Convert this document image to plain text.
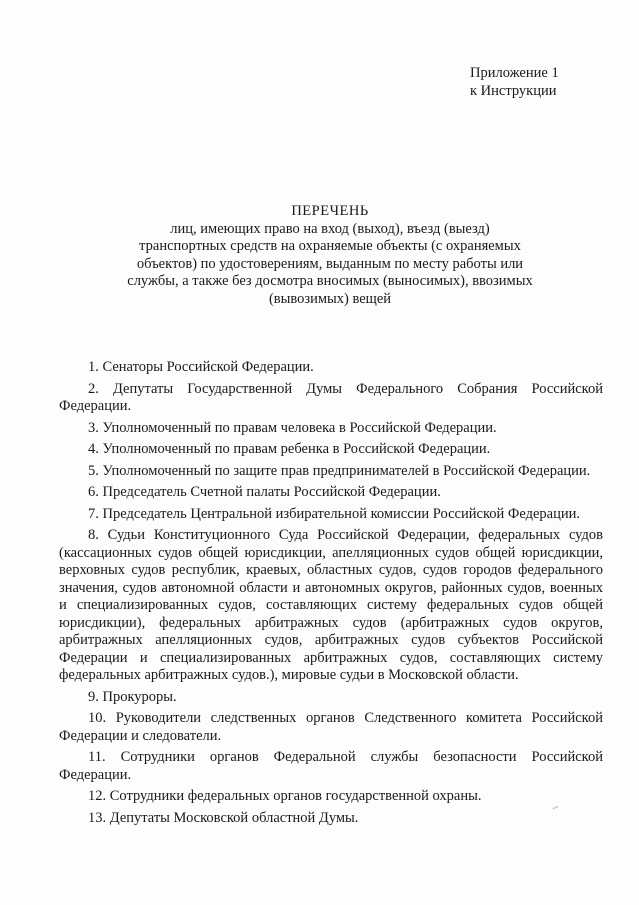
Приложение 1
к Инструкции
ПЕРЕЧЕНЬ
лиц, имеющих право на вход (выход), въезд (выезд)
транспортных средств на охраняемые объекты (с охраняемых
объектов) по удостоверениям, выданным по месту работы или
службы, а также без досмотра вносимых (выносимых), ввозимых
(вывозимых) вещей

1. Сенаторы Российской Федерации.

2. Депутаты Государственной Думы Федерального Собрания Российской Федерации.

3. Уполномоченный по правам человека в Российской Федерации.

4. Уполномоченный по правам ребенка в Российской Федерации.

5. Уполномоченный по защите прав предпринимателей в Российской Федерации.

6. Председатель Счетной палаты Российской Федерации.

7. Председатель Центральной избирательной комиссии Российской Федерации.

8. Судьи Конституционного Суда Российской Федерации, федеральных судов (кассационных судов общей юрисдикции, апелляционных судов общей юрисдикции, верховных судов республик, краевых, областных судов, судов городов федерального значения, судов автономной области и автономных округов, районных судов, военных и специализированных судов, составляющих систему федеральных судов общей юрисдикции), федеральных арбитражных судов (арбитражных судов округов, арбитражных апелляционных судов, арбитражных судов субъектов Российской Федерации и специализированных арбитражных судов, составляющих систему федеральных арбитражных судов.), мировые судьи в Московской области.

9. Прокуроры.

10. Руководители следственных органов Следственного комитета Российской Федерации и следователи.

11. Сотрудники органов Федеральной службы безопасности Российской Федерации.

12. Сотрудники федеральных органов государственной охраны.

13. Депутаты Московской областной Думы.
